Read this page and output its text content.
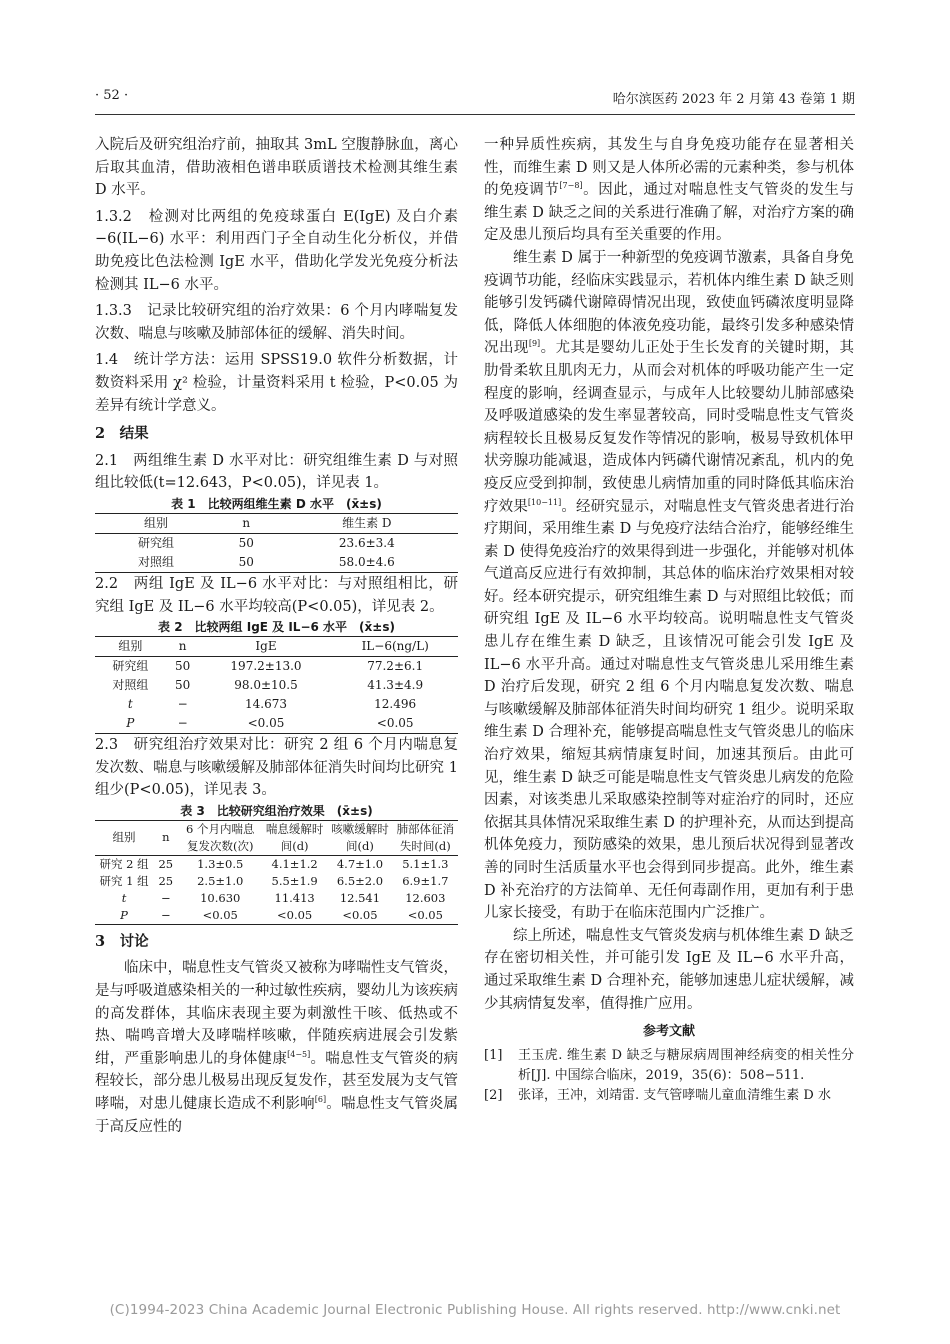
· 52 ·	哈尔滨医药 2023 年 2 月第 43 卷第 1 期

入院后及研究组治疗前，抽取其 3mL 空腹静脉血，离心后取其血清，借助液相色谱串联质谱技术检测其维生素 D 水平。

1.3.2　检测对比两组的免疫球蛋白 E(IgE) 及白介素−6(IL−6) 水平：利用西门子全自动生化分析仪，并借助免疫比色法检测 IgE 水平，借助化学发光免疫分析法检测其 IL−6 水平。

1.3.3　记录比较研究组的治疗效果：6 个月内哮喘复发次数、喘息与咳嗽及肺部体征的缓解、消失时间。

1.4　统计学方法：运用 SPSS19.0 软件分析数据，计数资料采用 χ² 检验，计量资料采用 t 检验，P<0.05 为差异有统计学意义。

2　结果

2.1　两组维生素 D 水平对比：研究组维生素 D 与对照组比较低(t=12.643，P<0.05)，详见表 1。

表 1　比较两组维生素 D 水平　(x̄±s)
组别	n	维生素 D
研究组	50	23.6±3.4
对照组	50	58.0±4.6

2.2　两组 IgE 及 IL−6 水平对比：与对照组相比，研究组 IgE 及 IL−6 水平均较高(P<0.05)，详见表 2。

表 2　比较两组 IgE 及 IL−6 水平　(x̄±s)
组别	n	IgE	IL−6(ng/L)
研究组	50	197.2±13.0	77.2±6.1
对照组	50	98.0±10.5	41.3±4.9
t	−	14.673	12.496
P	−	<0.05	<0.05

2.3　研究组治疗效果对比：研究 2 组 6 个月内喘息复发次数、喘息与咳嗽缓解及肺部体征消失时间均比研究 1 组少(P<0.05)，详见表 3。

表 3　比较研究组治疗效果　(x̄±s)
组别	n	6 个月内喘息复发次数(次)	喘息缓解时间(d)	咳嗽缓解时间(d)	肺部体征消失时间(d)
研究 2 组	25	1.3±0.5	4.1±1.2	4.7±1.0	5.1±1.3
研究 1 组	25	2.5±1.0	5.5±1.9	6.5±2.0	6.9±1.7
t	−	10.630	11.413	12.541	12.603
P	−	<0.05	<0.05	<0.05	<0.05

3　讨论

临床中，喘息性支气管炎又被称为哮喘性支气管炎，是与呼吸道感染相关的一种过敏性疾病，婴幼儿为该疾病的高发群体，其临床表现主要为刺激性干咳、低热或不热、喘鸣音增大及哮喘样咳嗽，伴随疾病进展会引发紫绀，严重影响患儿的身体健康[4−5]。喘息性支气管炎的病程较长，部分患儿极易出现反复发作，甚至发展为支气管哮喘，对患儿健康长造成不利影响[6]。喘息性支气管炎属于高反应性的

一种异质性疾病，其发生与自身免疫功能存在显著相关性，而维生素 D 则又是人体所必需的元素种类，参与机体的免疫调节[7−8]。因此，通过对喘息性支气管炎的发生与维生素 D 缺乏之间的关系进行准确了解，对治疗方案的确定及患儿预后均具有至关重要的作用。

维生素 D 属于一种新型的免疫调节激素，具备自身免疫调节功能，经临床实践显示，若机体内维生素 D 缺乏则能够引发钙磷代谢障碍情况出现，致使血钙磷浓度明显降低，降低人体细胞的体液免疫功能，最终引发多种感染情况出现[9]。尤其是婴幼儿正处于生长发育的关键时期，其肋骨柔软且肌肉无力，从而会对机体的呼吸功能产生一定程度的影响，经调查显示，与成年人比较婴幼儿肺部感染及呼吸道感染的发生率显著较高，同时受喘息性支气管炎病程较长且极易反复发作等情况的影响，极易导致机体甲状旁腺功能减退，造成体内钙磷代谢情况紊乱，机内的免疫反应受到抑制，致使患儿病情加重的同时降低其临床治疗效果[10−11]。经研究显示，对喘息性支气管炎患者进行治疗期间，采用维生素 D 与免疫疗法结合治疗，能够经维生素 D 使得免疫治疗的效果得到进一步强化，并能够对机体气道高反应进行有效抑制，其总体的临床治疗效果相对较好。经本研究提示，研究组维生素 D 与对照组比较低；而研究组 IgE 及 IL−6 水平均较高。说明喘息性支气管炎患儿存在维生素 D 缺乏，且该情况可能会引发 IgE 及 IL−6 水平升高。通过对喘息性支气管炎患儿采用维生素 D 治疗后发现，研究 2 组 6 个月内喘息复发次数、喘息与咳嗽缓解及肺部体征消失时间均研究 1 组少。说明采取维生素 D 合理补充，能够提高喘息性支气管炎患儿的临床治疗效果，缩短其病情康复时间，加速其预后。由此可见，维生素 D 缺乏可能是喘息性支气管炎患儿病发的危险因素，对该类患儿采取感染控制等对症治疗的同时，还应依据其具体情况采取维生素 D 的护理补充，从而达到提高机体免疫力，预防感染的效果，患儿预后状况得到显著改善的同时生活质量水平也会得到同步提高。此外，维生素 D 补充治疗的方法简单、无任何毒副作用，更加有利于患儿家长接受，有助于在临床范围内广泛推广。

综上所述，喘息性支气管炎发病与机体维生素 D 缺乏存在密切相关性，并可能引发 IgE 及 IL−6 水平升高，通过采取维生素 D 合理补充，能够加速患儿症状缓解，减少其病情复发率，值得推广应用。

参考文献
[1]	王玉虎. 维生素 D 缺乏与糖尿病周围神经病变的相关性分析[J]. 中国综合临床，2019，35(6)：508−511.
[2]	张译，王冲，刘靖雷. 支气管哮喘儿童血清维生素 D 水
(C)1994-2023 China Academic Journal Electronic Publishing House. All rights reserved. http://www.cnki.net
